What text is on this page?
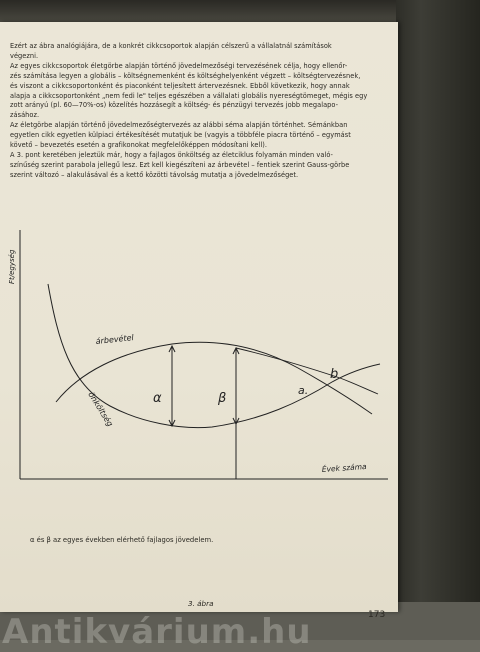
Ezért az ábra analógiájára, de a konkrét cikkcsoportok alapján célszerű a vállalatnál számítások
végezni.
Az egyes cikkcsoportok életgörbe alapján történő jövedelmezőségi tervezésének célja, hogy ellenőr-
zés számítása legyen a globális – költségnemenként és költséghelyenként végzett – költségtervezésnek,
és viszont a cikkcsoportonként és piaconként teljesített ártervezésnek. Ebből következik, hogy annak
alapja a cikkcsoportonként „nem fedi le" teljes egészében a vállalati globális nyereségtömeget, mégis egy
zott arányú (pl. 60—70%-os) közelítés hozzásegít a költség- és pénzügyi tervezés jobb megalapo-
zásához.
Az életgörbe alapján történő jövedelmezőségtervezés az alábbi séma alapján történhet. Sémánkban
egyetlen cikk egyetlen külpiaci értékesítését mutatjuk be (vagyis a többféle piacra történő – egymást
követő – bevezetés esetén a grafikonokat megfelelőképpen módosítani kell).
A 3. pont keretében jeleztük már, hogy a fajlagos önköltség az életciklus folyamán minden való-
színűség szerint parabola jellegű lesz. Ezt kell kiegészíteni az árbevétel – fentiek szerint Gauss-görbe
szerint változó – alakulásával és a kettő közötti távolság mutatja a jövedelmezőséget.
Ft/egység
Évek száma
árbevétel
önköltség	α	β
a.
b
α és β az egyes években elérhető fajlagos jövedelem.
3. ábra
173
Antikvárium.hu
